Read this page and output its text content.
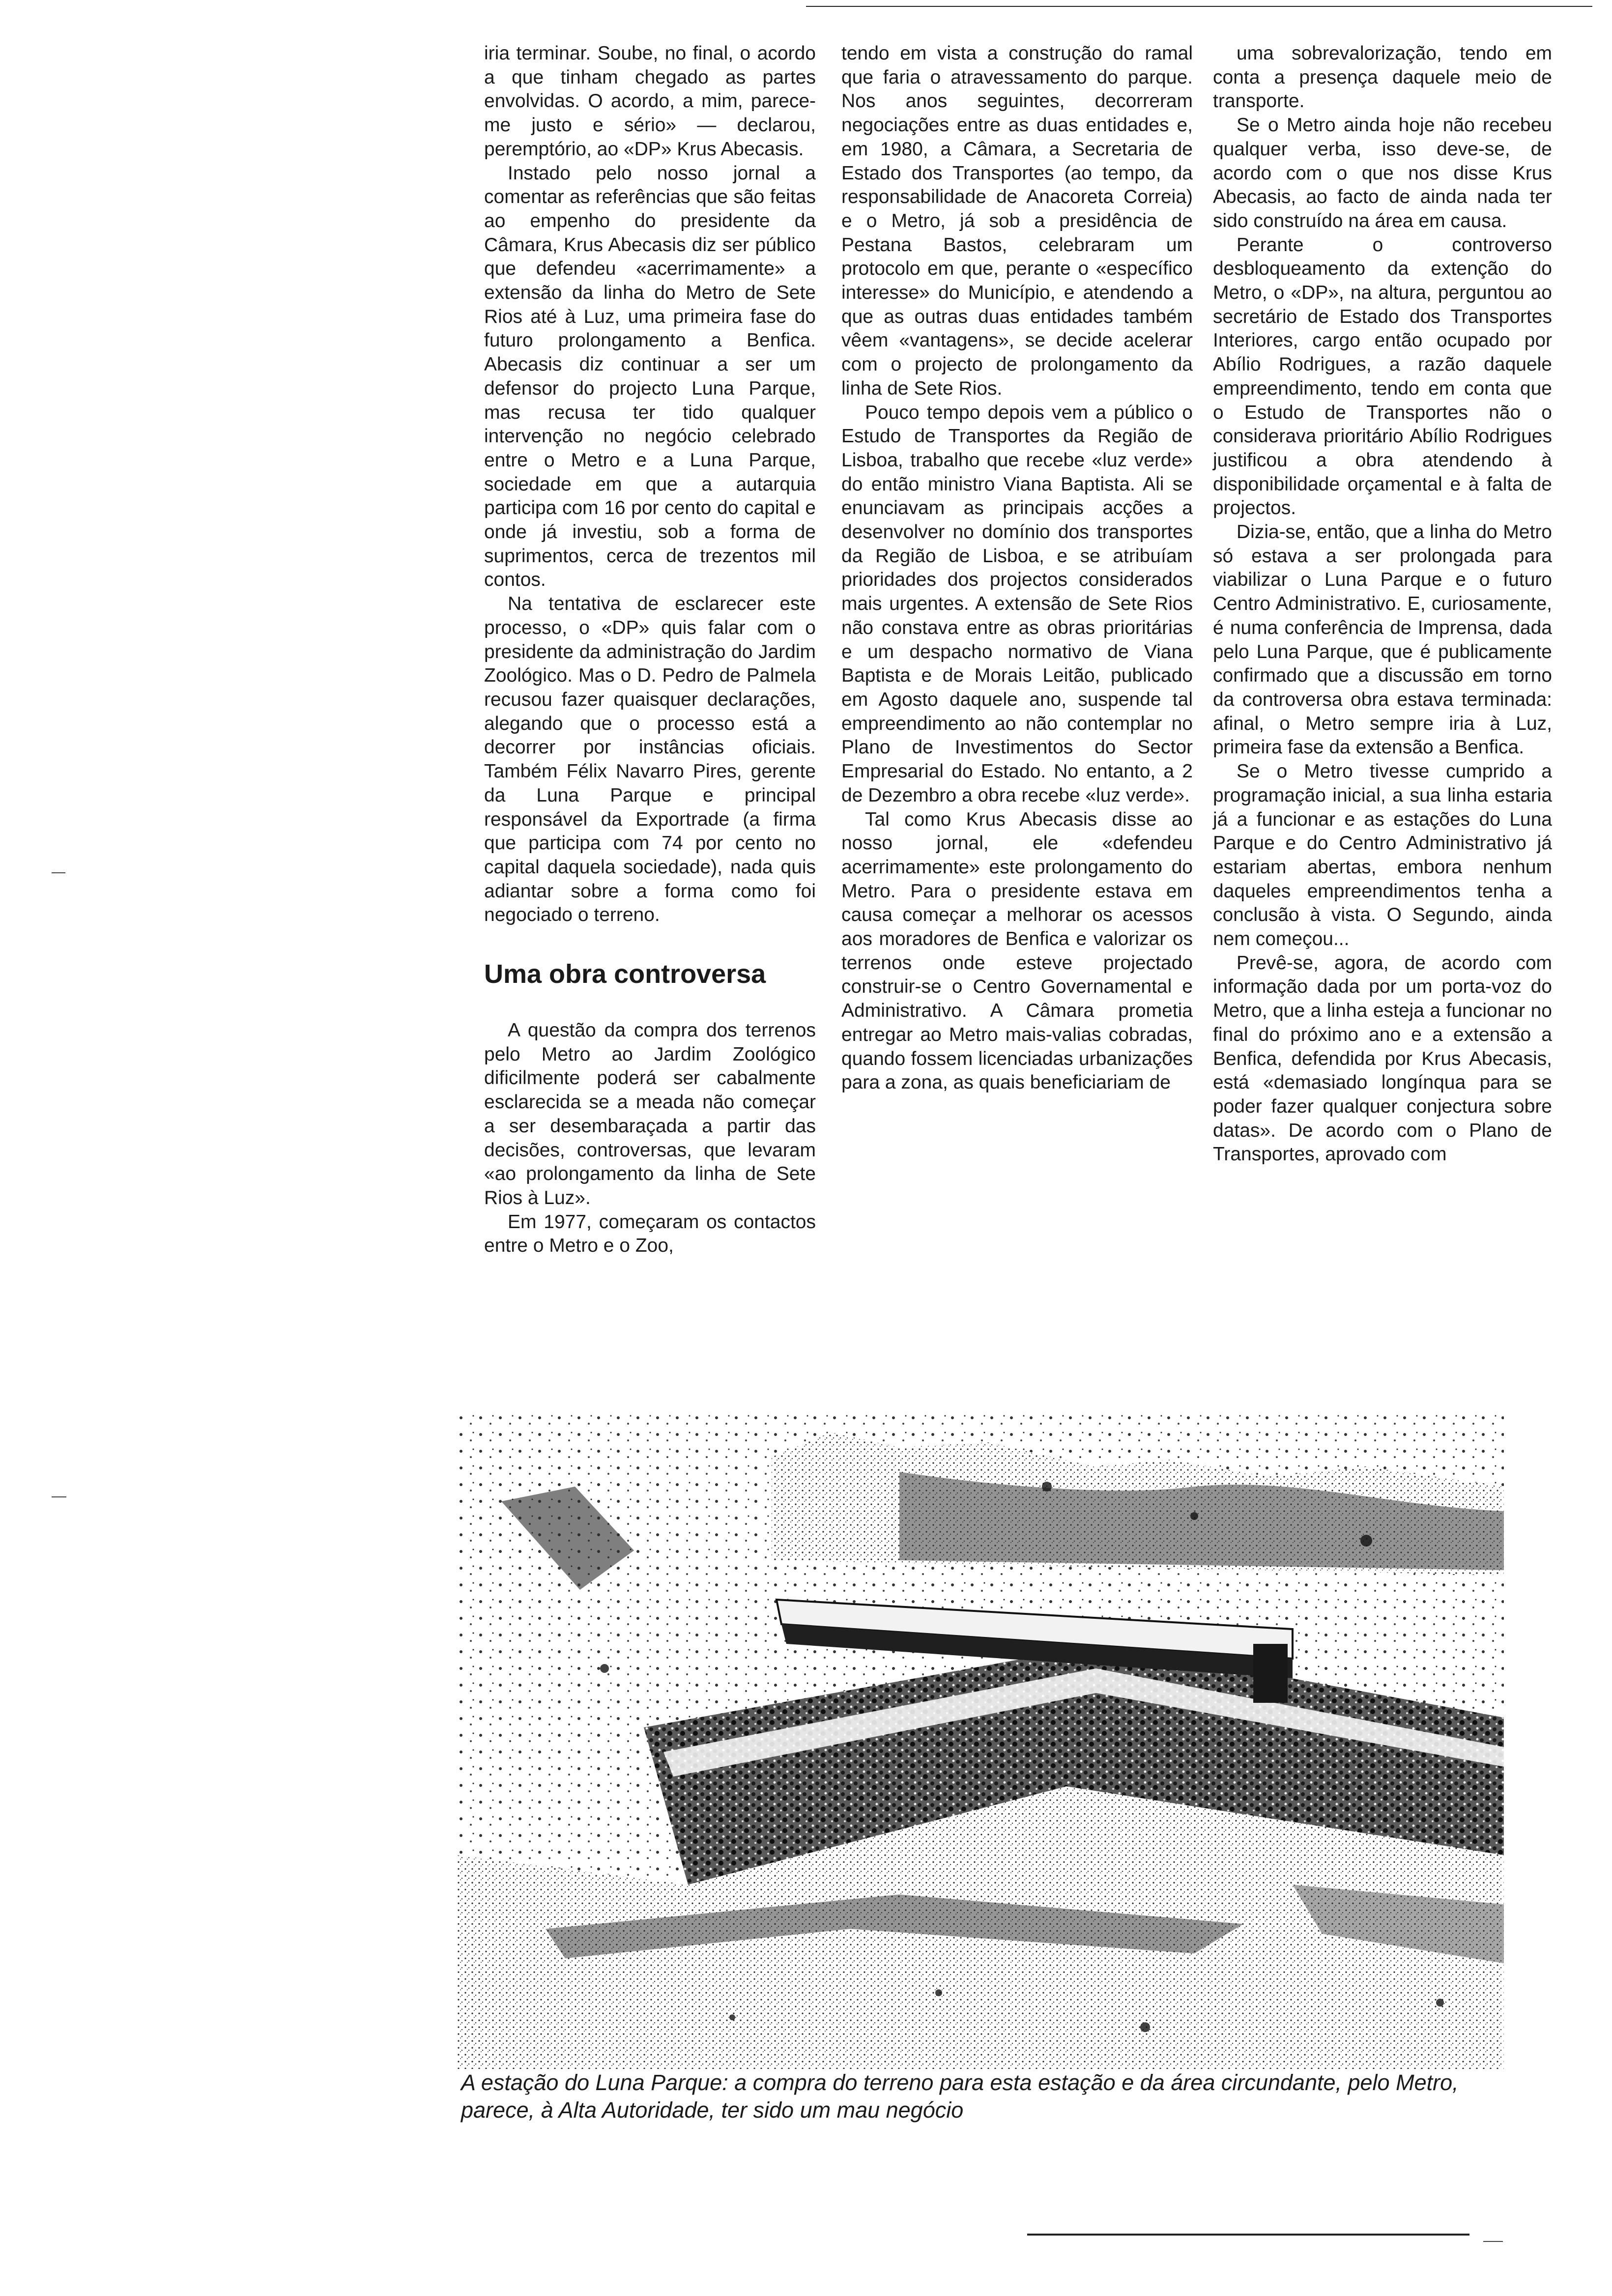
iria terminar. Soube, no final, o acordo a que tinham chegado as partes envolvidas. O acordo, a mim, parece-me justo e sério» — declarou, peremptório, ao «DP» Krus Abecasis.

Instado pelo nosso jornal a comentar as referências que são feitas ao empenho do presidente da Câmara, Krus Abecasis diz ser público que defendeu «acerrimamente» a extensão da linha do Metro de Sete Rios até à Luz, uma primeira fase do futuro prolongamento a Benfica. Abecasis diz continuar a ser um defensor do projecto Luna Parque, mas recusa ter tido qualquer intervenção no negócio celebrado entre o Metro e a Luna Parque, sociedade em que a autarquia participa com 16 por cento do capital e onde já investiu, sob a forma de suprimentos, cerca de trezentos mil contos.

Na tentativa de esclarecer este processo, o «DP» quis falar com o presidente da administração do Jardim Zoológico. Mas o D. Pedro de Palmela recusou fazer quaisquer declarações, alegando que o processo está a decorrer por instâncias oficiais. Também Félix Navarro Pires, gerente da Luna Parque e principal responsável da Exportrade (a firma que participa com 74 por cento no capital daquela sociedade), nada quis adiantar sobre a forma como foi negociado o terreno.

Uma obra controversa

A questão da compra dos terrenos pelo Metro ao Jardim Zoológico dificilmente poderá ser cabalmente esclarecida se a meada não começar a ser desembaraçada a partir das decisões, controversas, que levaram «ao prolongamento da linha de Sete Rios à Luz».

Em 1977, começaram os contactos entre o Metro e o Zoo,

tendo em vista a construção do ramal que faria o atravessamento do parque. Nos anos seguintes, decorreram negociações entre as duas entidades e, em 1980, a Câmara, a Secretaria de Estado dos Transportes (ao tempo, da responsabilidade de Anacoreta Correia) e o Metro, já sob a presidência de Pestana Bastos, celebraram um protocolo em que, perante o «específico interesse» do Município, e atendendo a que as outras duas entidades também vêem «vantagens», se decide acelerar com o projecto de prolongamento da linha de Sete Rios.

Pouco tempo depois vem a público o Estudo de Transportes da Região de Lisboa, trabalho que recebe «luz verde» do então ministro Viana Baptista. Ali se enunciavam as principais acções a desenvolver no domínio dos transportes da Região de Lisboa, e se atribuíam prioridades dos projectos considerados mais urgentes. A extensão de Sete Rios não constava entre as obras prioritárias e um despacho normativo de Viana Baptista e de Morais Leitão, publicado em Agosto daquele ano, suspende tal empreendimento ao não contemplar no Plano de Investimentos do Sector Empresarial do Estado. No entanto, a 2 de Dezembro a obra recebe «luz verde».

Tal como Krus Abecasis disse ao nosso jornal, ele «defendeu acerrimamente» este prolongamento do Metro. Para o presidente estava em causa começar a melhorar os acessos aos moradores de Benfica e valorizar os terrenos onde esteve projectado construir-se o Centro Governamental e Administrativo. A Câmara prometia entregar ao Metro mais-valias cobradas, quando fossem licenciadas urbanizações para a zona, as quais beneficiariam de

uma sobrevalorização, tendo em conta a presença daquele meio de transporte.

Se o Metro ainda hoje não recebeu qualquer verba, isso deve-se, de acordo com o que nos disse Krus Abecasis, ao facto de ainda nada ter sido construído na área em causa.

Perante o controverso desbloqueamento da extenção do Metro, o «DP», na altura, perguntou ao secretário de Estado dos Transportes Interiores, cargo então ocupado por Abílio Rodrigues, a razão daquele empreendimento, tendo em conta que o Estudo de Transportes não o considerava prioritário Abílio Rodrigues justificou a obra atendendo à disponibilidade orçamental e à falta de projectos.

Dizia-se, então, que a linha do Metro só estava a ser prolongada para viabilizar o Luna Parque e o futuro Centro Administrativo. E, curiosamente, é numa conferência de Imprensa, dada pelo Luna Parque, que é publicamente confirmado que a discussão em torno da controversa obra estava terminada: afinal, o Metro sempre iria à Luz, primeira fase da extensão a Benfica.

Se o Metro tivesse cumprido a programação inicial, a sua linha estaria já a funcionar e as estações do Luna Parque e do Centro Administrativo já estariam abertas, embora nenhum daqueles empreendimentos tenha a conclusão à vista. O Segundo, ainda nem começou...

Prevê-se, agora, de acordo com informação dada por um porta-voz do Metro, que a linha esteja a funcionar no final do próximo ano e a extensão a Benfica, defendida por Krus Abecasis, está «demasiado longínqua para se poder fazer qualquer conjectura sobre datas». De acordo com o Plano de Transportes, aprovado com

A estação do Luna Parque: a compra do terreno para esta estação e da área circundante, pelo Metro, parece, à Alta Autoridade, ter sido um mau negócio
